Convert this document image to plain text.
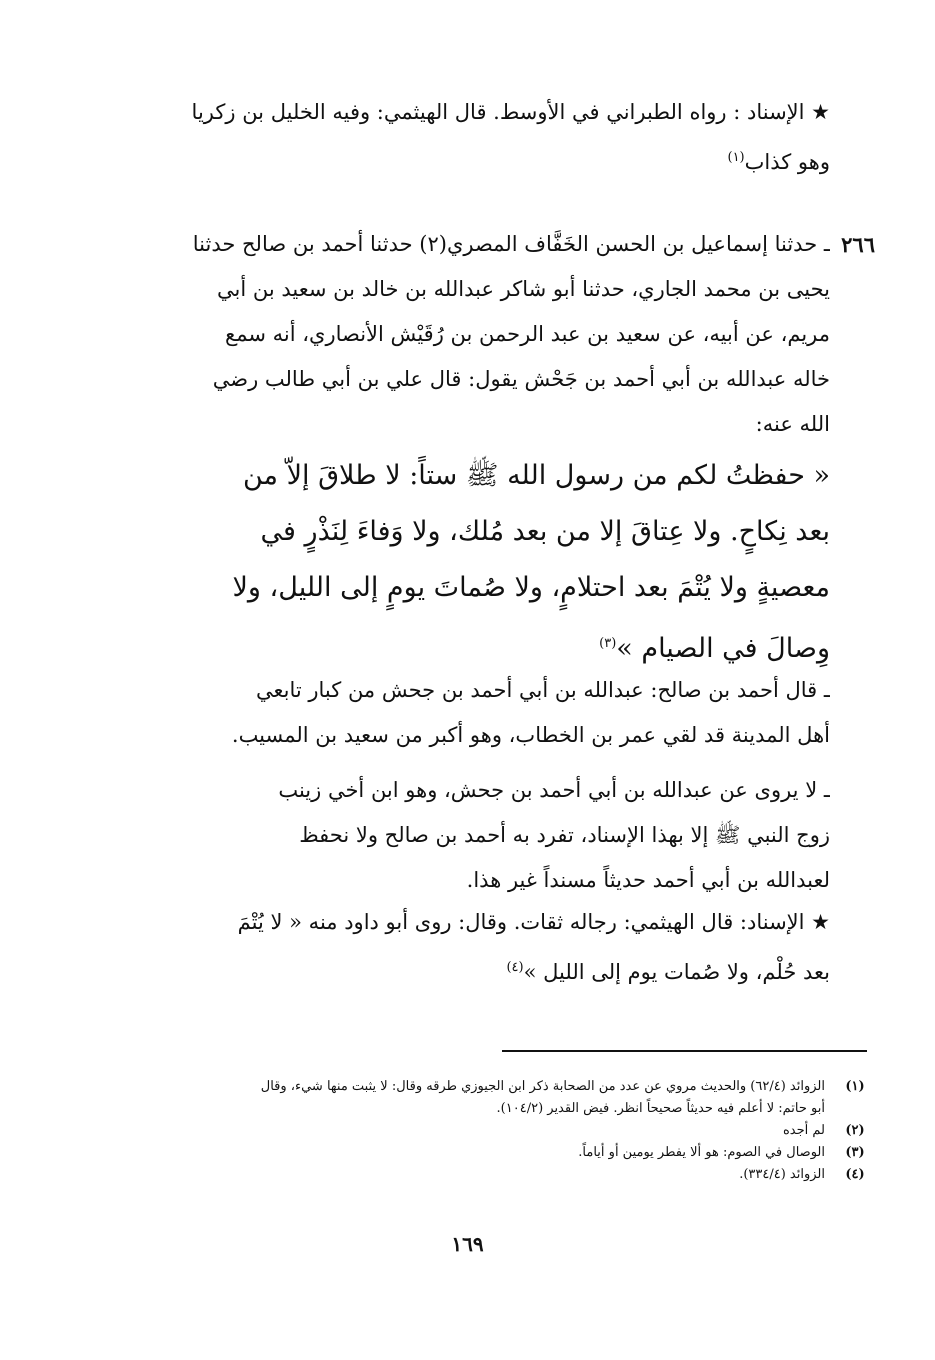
★ الإسناد : رواه الطبراني في الأوسط. قال الهيثمي: وفيه الخليل بن زكريا
وهو كذاب$^{(١)}$
٢٦٦
ـ حدثنا إسماعيل بن الحسن الخَفَّاف المصري(٢) حدثنا أحمد بن صالح حدثنا
يحيى بن محمد الجاري، حدثنا أبو شاكر عبدالله بن خالد بن سعيد بن أبي
مريم، عن أبيه، عن سعيد بن عبد الرحمن بن رُقَيْش الأنصاري، أنه سمع
خاله عبدالله بن أبي أحمد بن جَحْش يقول: قال علي بن أبي طالب رضي
الله عنه:
« حفظتُ لكم من رسول الله ﷺ ستاً: لا طلاقَ إلاّ من
بعد نِكاحٍ. ولا عِتاقَ إلا من بعد مُلك، ولا وَفاءَ لِنَذْرٍ في
معصيةٍ ولا يُتْمَ بعد احتلامٍ، ولا صُماتَ يومٍ إلى الليل، ولا
وِصالَ في الصيام »$^{(٣)}$
ـ قال أحمد بن صالح: عبدالله بن أبي أحمد بن جحش من كبار تابعي
أهل المدينة قد لقي عمر بن الخطاب، وهو أكبر من سعيد بن المسيب.
ـ لا يروى عن عبدالله بن أبي أحمد بن جحش، وهو ابن أخي زينب
زوج النبي ﷺ إلا بهذا الإسناد، تفرد به أحمد بن صالح ولا نحفظ
لعبدالله بن أبي أحمد حديثاً مسنداً غير هذا.
★ الإسناد: قال الهيثمي: رجاله ثقات. وقال: روى أبو داود منه « لا يُتْمَ
بعد حُلْم، ولا صُمات يوم إلى الليل »$^{(٤)}$
(١)
الزوائد (٦٢/٤) والحديث مروي عن عدد من الصحابة ذكر ابن الجيوزي طرقه وقال: لا يثبت منها شيء، وقال
أبو حاتم: لا أعلم فيه حديثاً صحيحاً انظر. فيض القدير (١٠٤/٢).
(٢)
لم أجده
(٣)
الوصال في الصوم: هو ألا يفطر يومين أو أياماً.
(٤)
الزوائد (٣٣٤/٤).
١٦٩
